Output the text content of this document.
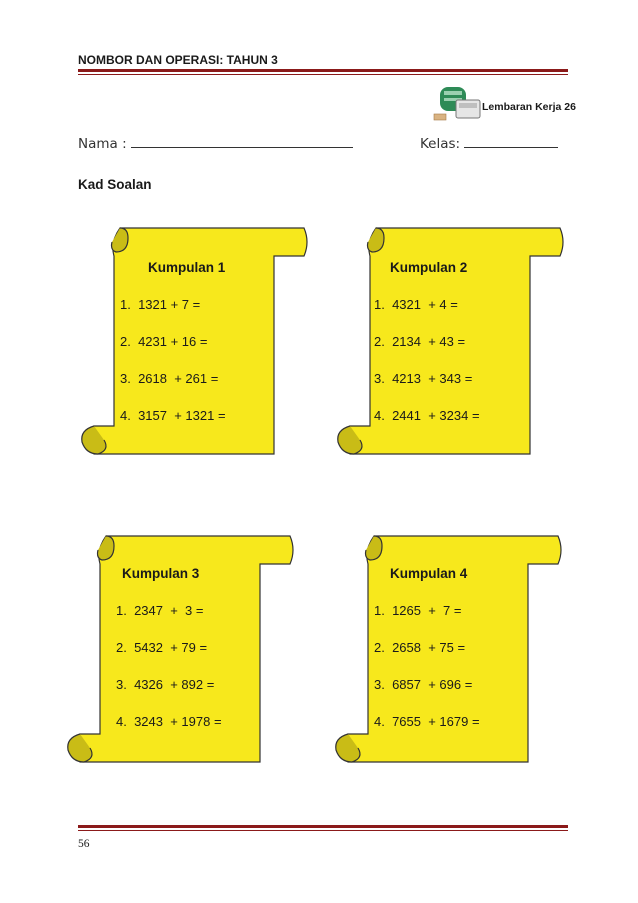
NOMBOR DAN OPERASI: TAHUN 3
Lembaran Kerja 26
Nama :	Kelas:
Kad Soalan
Kumpulan 1
1.  1321 + 7 =
2.  4231 + 16 =
3.  2618  + 261 =
4.  3157  + 1321 =
Kumpulan 2
1.  4321  + 4 =
2.  2134  + 43 =
3.  4213  + 343 =
4.  2441  + 3234 =
Kumpulan 3
1.  2347  +  3 =
2.  5432  + 79 =
3.  4326  + 892 =
4.  3243  + 1978 =
Kumpulan 4
1.  1265  +  7 =
2.  2658  + 75 =
3.  6857  + 696 =
4.  7655  + 1679 =
56
